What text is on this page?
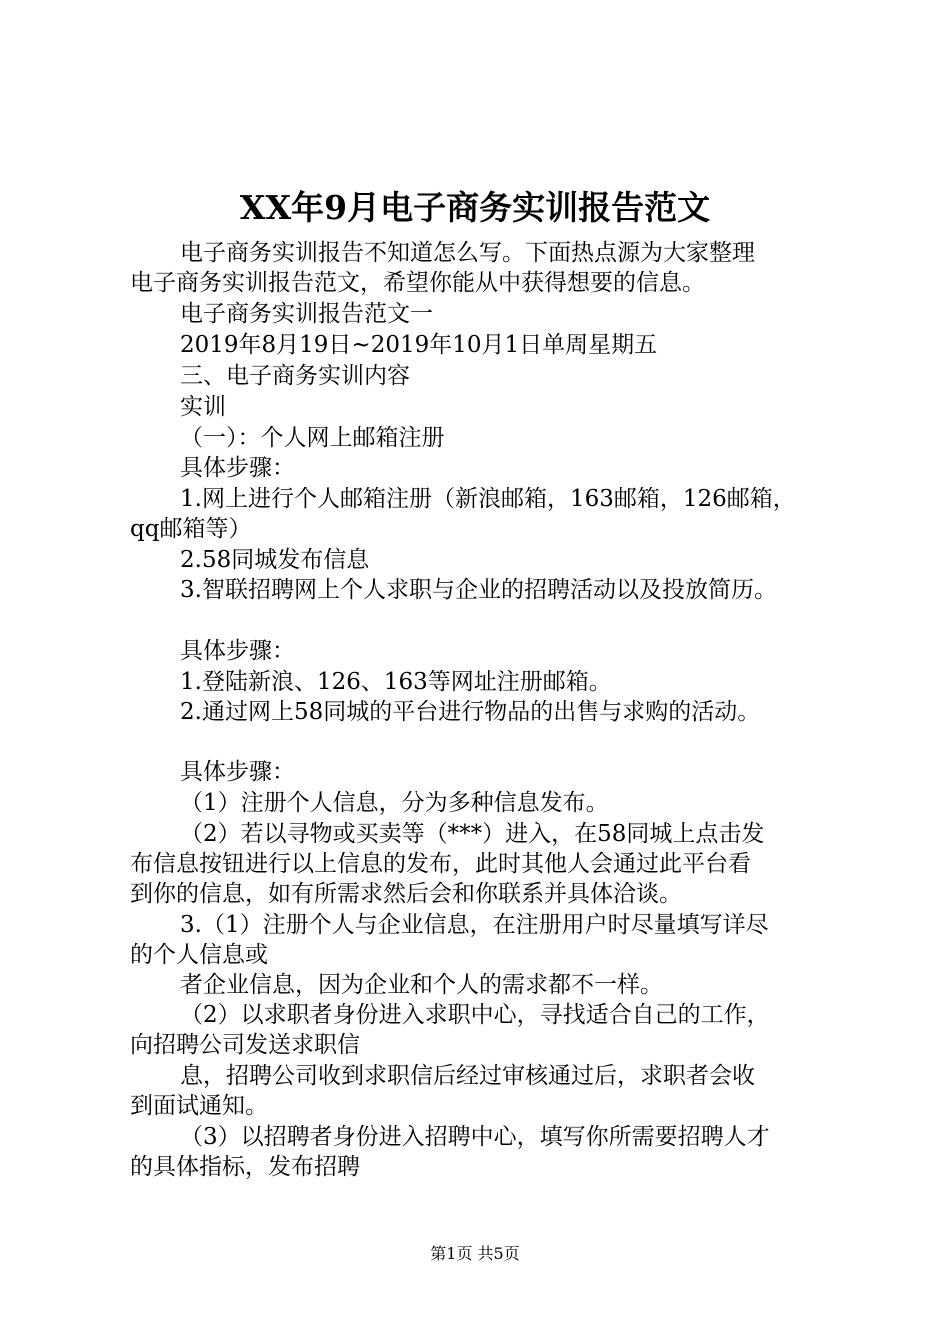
XX年9月电子商务实训报告范文
电子商务实训报告不知道怎么写。下面热点源为大家整理
电子商务实训报告范文，希望你能从中获得想要的信息。
电子商务实训报告范文一
2019年8月19日~2019年10月1日单周星期五
三、电子商务实训内容
实训
（一）：个人网上邮箱注册
具体步骤：
1.网上进行个人邮箱注册（新浪邮箱，163邮箱，126邮箱，
qq邮箱等）
2.58同城发布信息
3.智联招聘网上个人求职与企业的招聘活动以及投放简历。
具体步骤：
1.登陆新浪、126、163等网址注册邮箱。
2.通过网上58同城的平台进行物品的出售与求购的活动。
具体步骤：
（1）注册个人信息，分为多种信息发布。
（2）若以寻物或买卖等（***）进入，在58同城上点击发
布信息按钮进行以上信息的发布，此时其他人会通过此平台看
到你的信息，如有所需求然后会和你联系并具体洽谈。
3.（1）注册个人与企业信息，在注册用户时尽量填写详尽
的个人信息或
者企业信息，因为企业和个人的需求都不一样。
（2）以求职者身份进入求职中心，寻找适合自己的工作，
向招聘公司发送求职信
息，招聘公司收到求职信后经过审核通过后，求职者会收
到面试通知。
（3）以招聘者身份进入招聘中心，填写你所需要招聘人才
的具体指标，发布招聘
第1页 共5页
